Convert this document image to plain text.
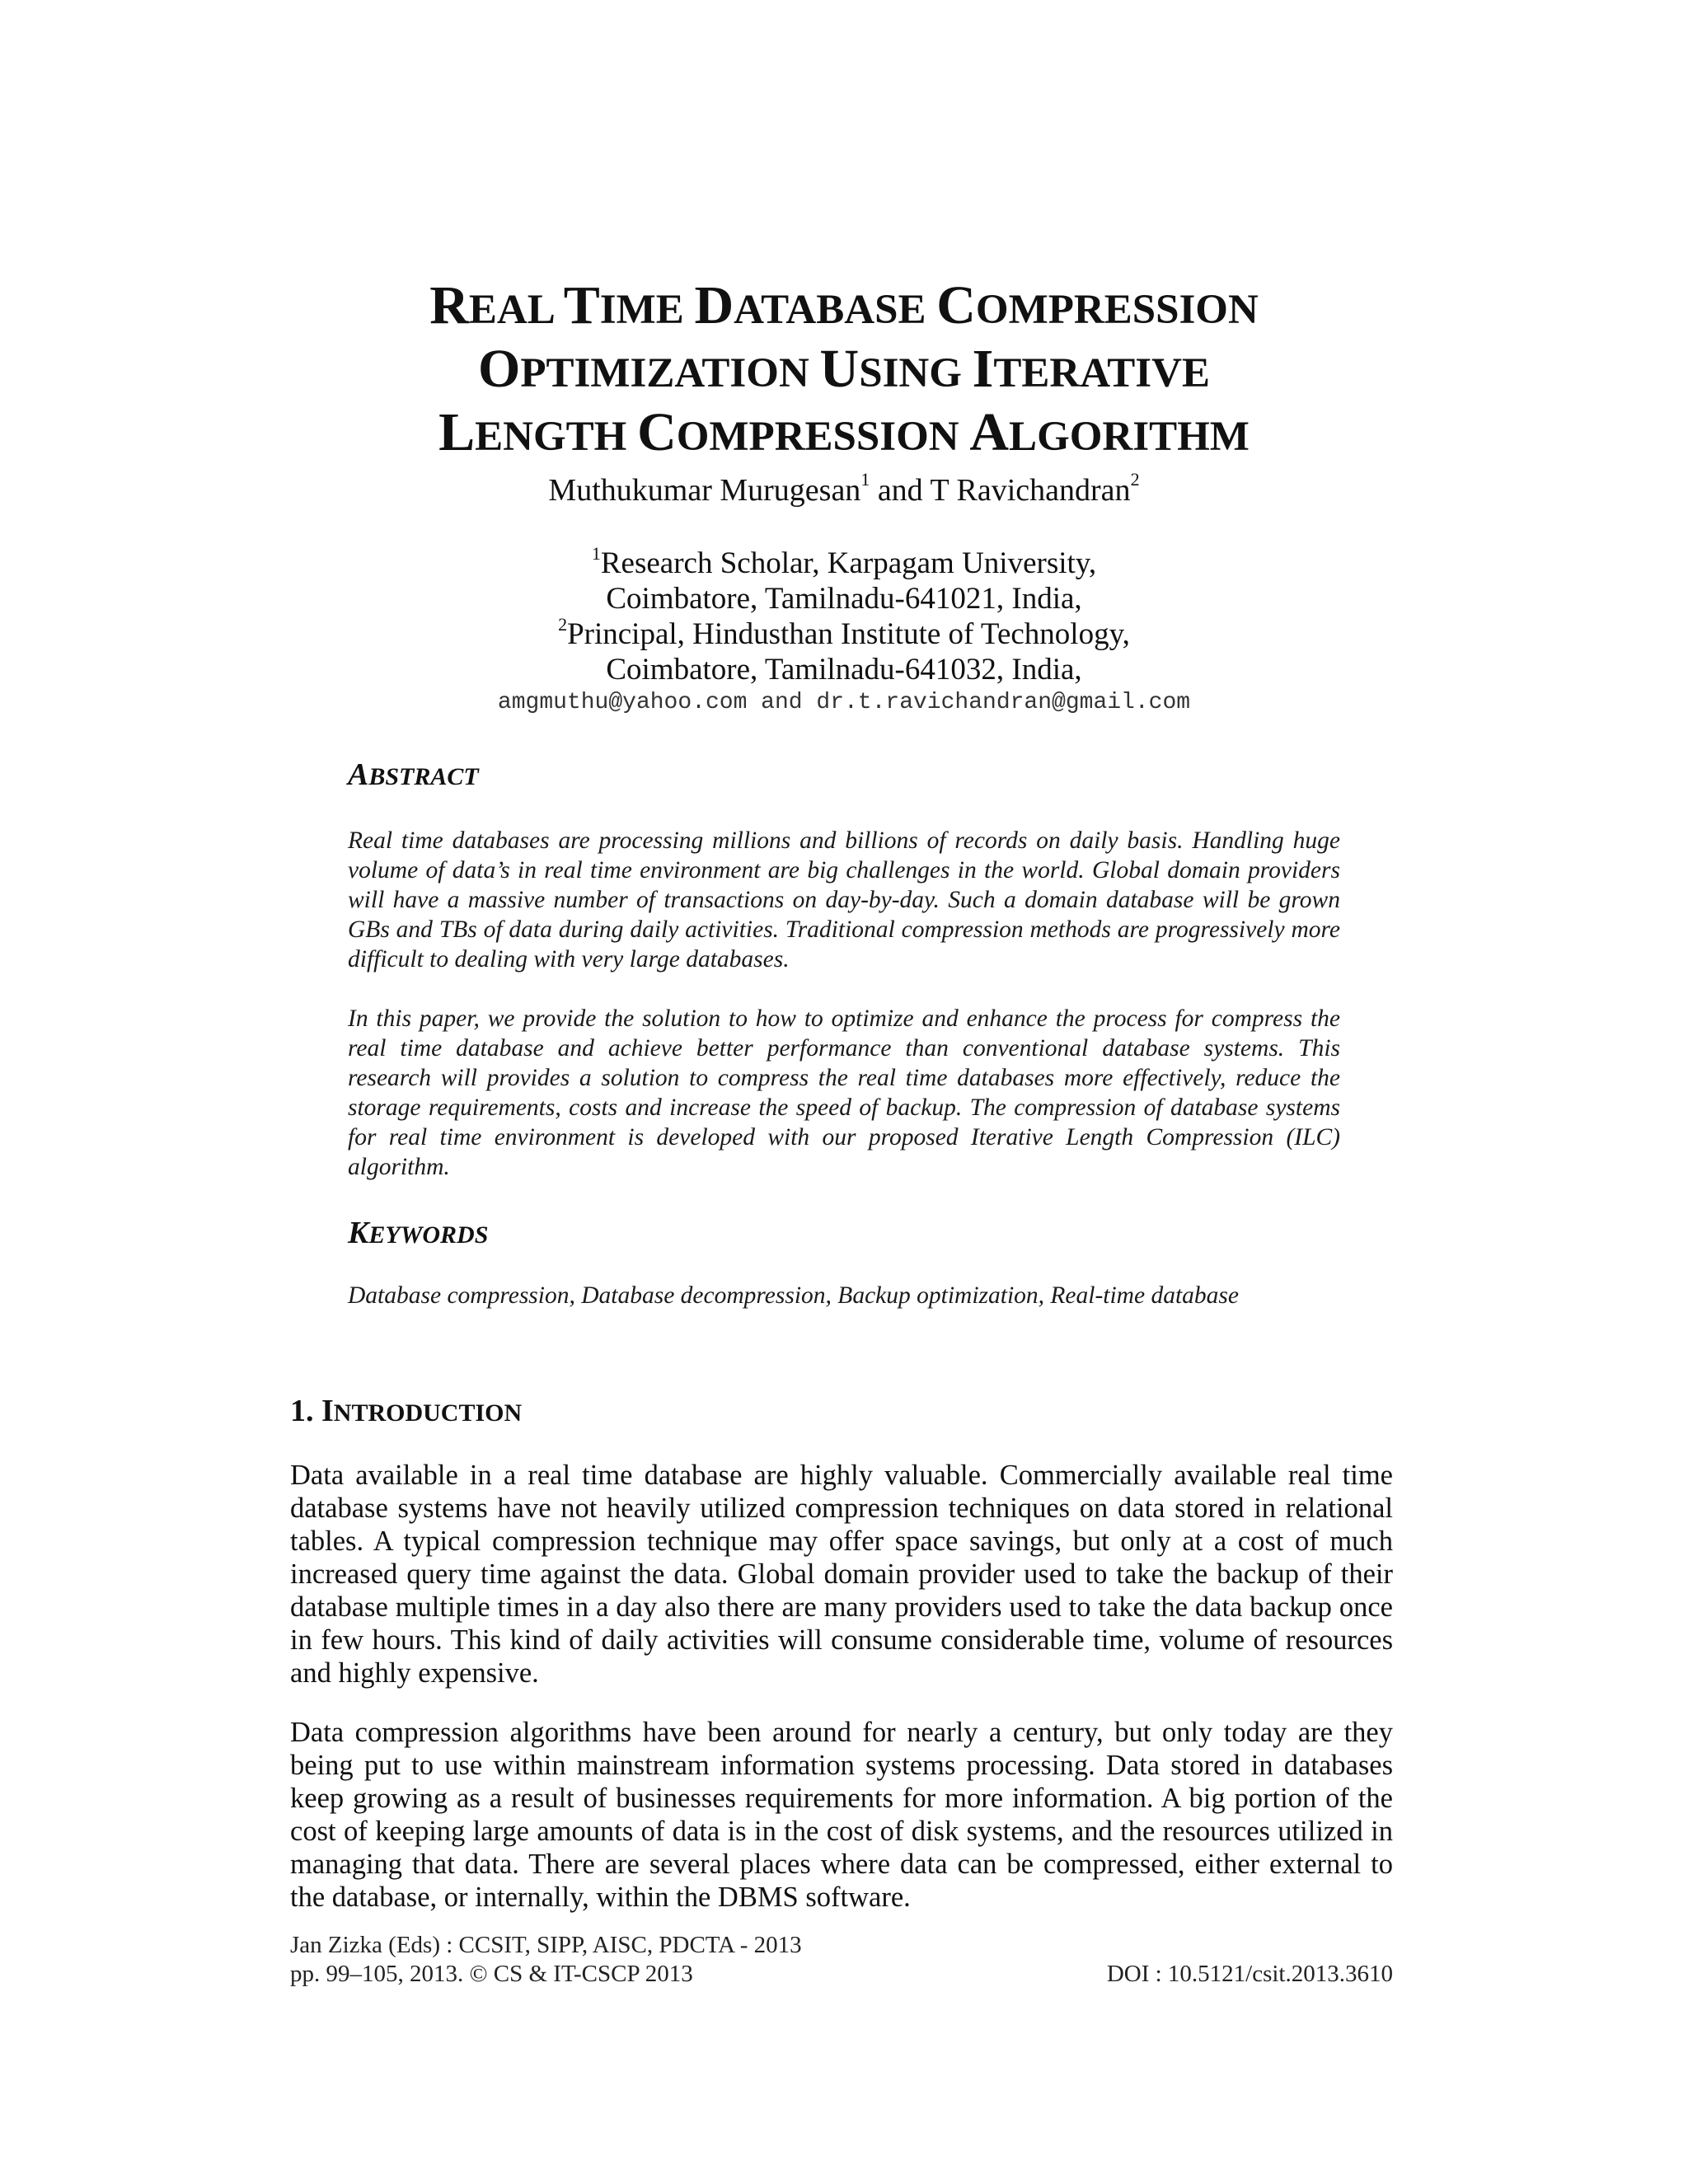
REAL TIME DATABASE COMPRESSION
OPTIMIZATION USING ITERATIVE
LENGTH COMPRESSION ALGORITHM
Muthukumar Murugesan$^1$ and T Ravichandran$^2$
$^1$Research Scholar, Karpagam University,
Coimbatore, Tamilnadu-641021, India,
$^2$Principal, Hindusthan Institute of Technology,
Coimbatore, Tamilnadu-641032, India,
amgmuthu@yahoo.com and dr.t.ravichandran@gmail.com
ABSTRACT

Real time databases are processing millions and billions of records on daily basis. Handling huge volume of data’s in real time environment are big challenges in the world. Global domain providers will have a massive number of transactions on day-by-day. Such a domain database will be grown GBs and TBs of data during daily activities. Traditional compression methods are progressively more difficult to dealing with very large databases.

In this paper, we provide the solution to how to optimize and enhance the process for compress the real time database and achieve better performance than conventional database systems. This research will provides a solution to compress the real time databases more effectively, reduce the storage requirements, costs and increase the speed of backup. The compression of database systems for real time environment is developed with our proposed Iterative Length Compression (ILC) algorithm.

KEYWORDS
Database compression, Database decompression, Backup optimization, Real-time database
1. INTRODUCTION

Data available in a real time database are highly valuable. Commercially available real time database systems have not heavily utilized compression techniques on data stored in relational tables. A typical compression technique may offer space savings, but only at a cost of much increased query time against the data. Global domain provider used to take the backup of their database multiple times in a day also there are many providers used to take the data backup once in few hours. This kind of daily activities will consume considerable time, volume of resources and highly expensive.

Data compression algorithms have been around for nearly a century, but only today are they being put to use within mainstream information systems processing. Data stored in databases keep growing as a result of businesses requirements for more information. A big portion of the cost of keeping large amounts of data is in the cost of disk systems, and the resources utilized in managing that data. There are several places where data can be compressed, either external to the database, or internally, within the DBMS software.

Jan Zizka (Eds) : CCSIT, SIPP, AISC, PDCTA - 2013
pp. 99–105, 2013. © CS & IT-CSCP 2013	DOI : 10.5121/csit.2013.3610
